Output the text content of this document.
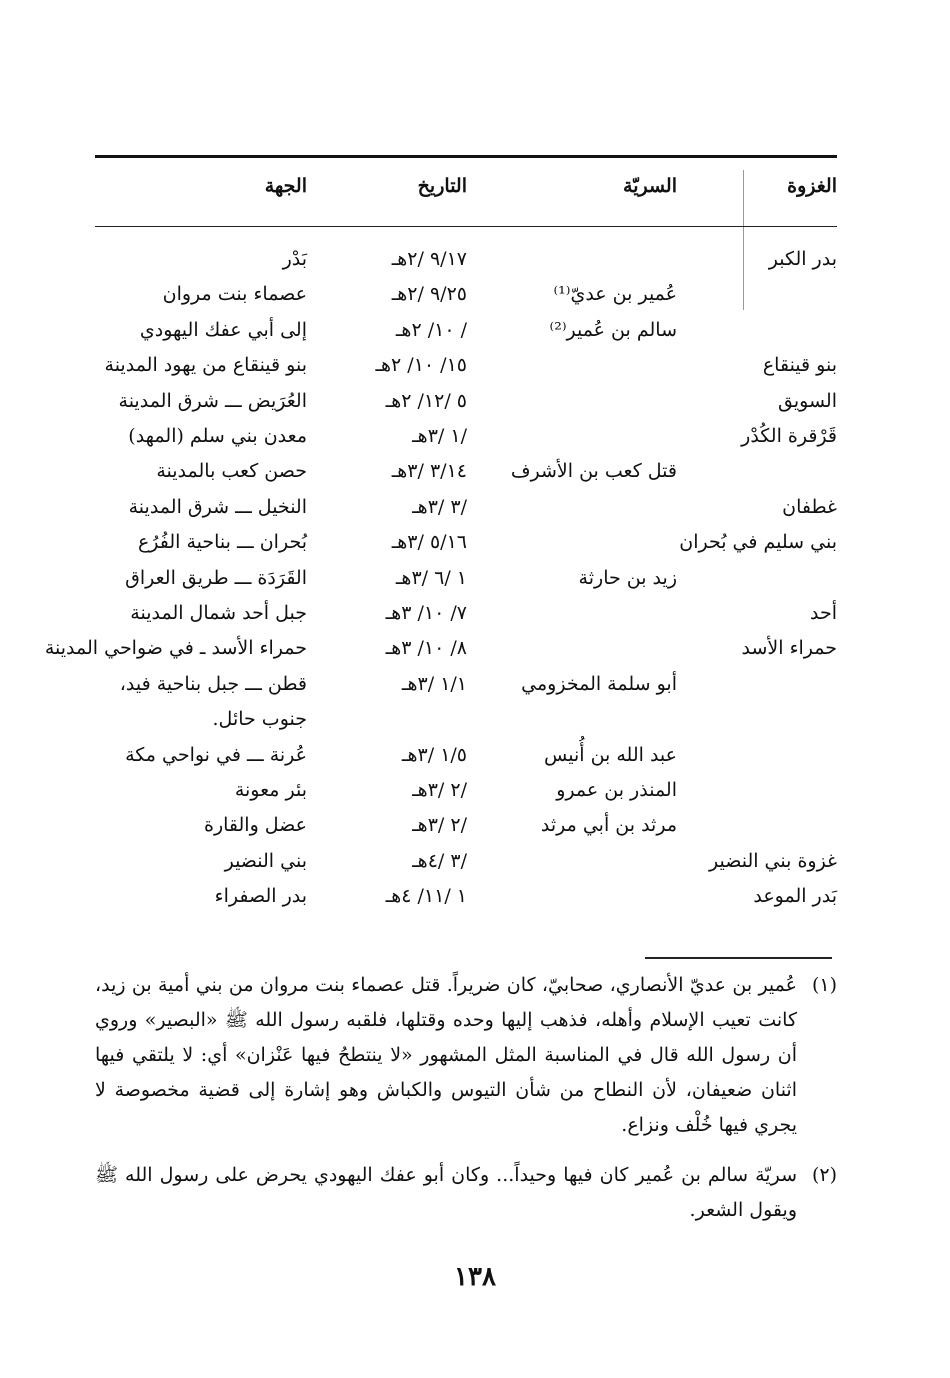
الغزوة
السريّة
التاريخ
الجهة
بدر الكبر
٩/١٧ /٢هـ
بَدْر
عُمير بن عديّ⁽¹⁾
٩/٢٥ /٢هـ
عصماء بنت مروان
سالم بن عُمير⁽²⁾
/ ١٠/ ٢هـ
إلى أبي عفك اليهودي
بنو قينقاع
١٥/ ١٠/ ٢هـ
بنو قينقاع من يهود المدينة
السويق
٥ /١٢/ ٢هـ
العُرَيض ـــ شرق المدينة
قَرْقرة الكُدْر
/١ /٣هـ
معدن بني سلم (المهد)
قتل كعب بن الأشرف
٣/١٤ /٣هـ
حصن كعب بالمدينة
غطفان
/٣ /٣هـ
النخيل ـــ شرق المدينة
بني سليم في بُحران
٥/١٦ /٣هـ
بُحران ـــ بناحية الفُرُع
زيد بن حارثة
١ /٦ /٣هـ
القَرَدَة ـــ طريق العراق
أحد
٧/ ١٠/ ٣هـ
جبل أحد شمال المدينة
حمراء الأسد
٨/ ١٠/ ٣هـ
حمراء الأسد ـ في ضواحي المدينة
أبو سلمة المخزومي
١/١ /٣هـ
قطن ـــ جبل بناحية فيد،
جنوب حائل.
عبد الله بن أُنيس
١/٥ /٣هـ
عُرنة ـــ في نواحي مكة
المنذر بن عمرو
/٢ /٣هـ
بئر معونة
مرثد بن أبي مرثد
/٢ /٣هـ
عضل والقارة
غزوة بني النضير
/٣ /٤هـ
بني النضير
بَدر الموعد
١ /١١/ ٤هـ
بدر الصفراء
(١)
عُمير بن عديّ الأنصاري، صحابيّ، كان ضريراً. قتل عصماء بنت مروان من بني أمية بن زيد، كانت تعيب الإسلام وأهله، فذهب إليها وحده وقتلها، فلقبه رسول الله ﷺ «البصير» وروي أن رسول الله قال في المناسبة المثل المشهور «لا ينتطحُ فيها عَنْزان» أي: لا يلتقي فيها اثنان ضعيفان، لأن النطاح من شأن التيوس والكباش وهو إشارة إلى قضية مخصوصة لا يجري فيها خُلْف ونزاع.
(٢)
سريّة سالم بن عُمير كان فيها وحيداً... وكان أبو عفك اليهودي يحرض على رسول الله ﷺ ويقول الشعر.
١٣٨
